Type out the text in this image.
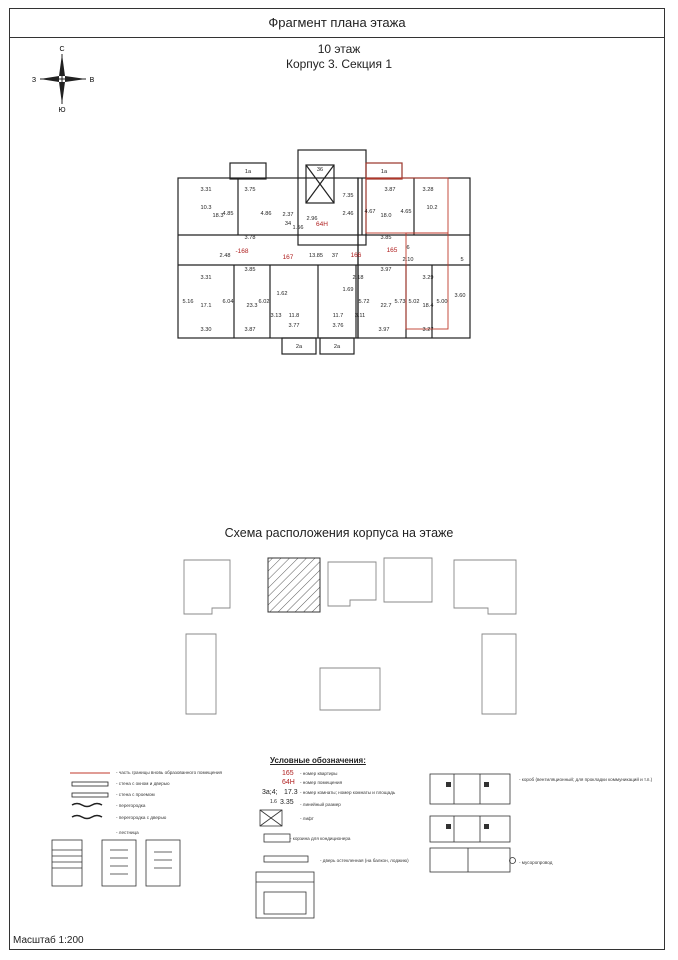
Фрагмент плана этажа
10 этаж
Корпус 3. Секция 1
С
Ю
З	В
167	166
165
-168
64Н
1а	1а
2а	2а
3.31	3.75	3.87	3.28
10.3
18.3	18.0
10.2
3.78	3.85
13.85 37
2.37
34
2.96
2.46
7.35
36
4.85	4.86	4.67	4.65
6
2.10
2.48
3.85	3.97
3.31	3.29
17.1	23.3	22.7	18.4
5.16	6.04	6.02	5.72	5.73 5.02	5.00
11.8	11.7
3.77	3.76
3.13	3.11
3.30	3.87	3.97	3.27
1.62
1.69
5
3.60
1.56
2.18
Схема расположения корпуса на этаже
Условные обозначения:
- часть границы вновь образованного помещения
- стена с окном и дверью
- стена с проемом
- перегородка
- перегородка с дверью
- лестница
165
64Н
3а;4; 17.3
1.6 3.35
- номер квартиры
- номер помещения
- номер комнаты; номер комнаты и площадь
- линейный размер
- лифт
- корзина для кондиционера
- дверь остекленная (на балкон, лоджию)
- короб (вентиляционный; для прокладки коммуникаций и т.п.)
- мусоропровод
Масштаб 1:200
